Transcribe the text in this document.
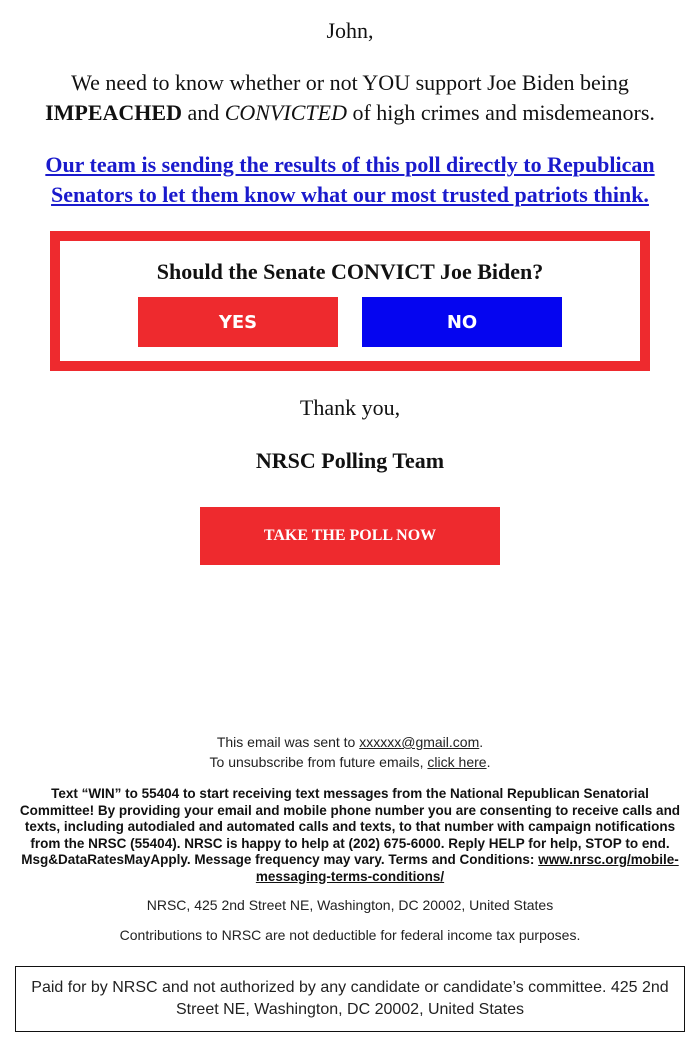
John,
We need to know whether or not YOU support Joe Biden being IMPEACHED and CONVICTED of high crimes and misdemeanors.
Our team is sending the results of this poll directly to Republican Senators to let them know what our most trusted patriots think.
Should the Senate CONVICT Joe Biden?
YES	NO
Thank you,
NRSC Polling Team
TAKE THE POLL NOW
This email was sent to xxxxxx@gmail.com.
To unsubscribe from future emails, click here.
Text “WIN” to 55404 to start receiving text messages from the National Republican Senatorial Committee! By providing your email and mobile phone number you are consenting to receive calls and texts, including autodialed and automated calls and texts, to that number with campaign notifications from the NRSC (55404). NRSC is happy to help at (202) 675-6000. Reply HELP for help, STOP to end. Msg&DataRatesMayApply. Message frequency may vary. Terms and Conditions: www.nrsc.org/mobile-messaging-terms-conditions/
NRSC, 425 2nd Street NE, Washington, DC 20002, United States
Contributions to NRSC are not deductible for federal income tax purposes.
Paid for by NRSC and not authorized by any candidate or candidate’s committee. 425 2nd Street NE, Washington, DC 20002, United States
